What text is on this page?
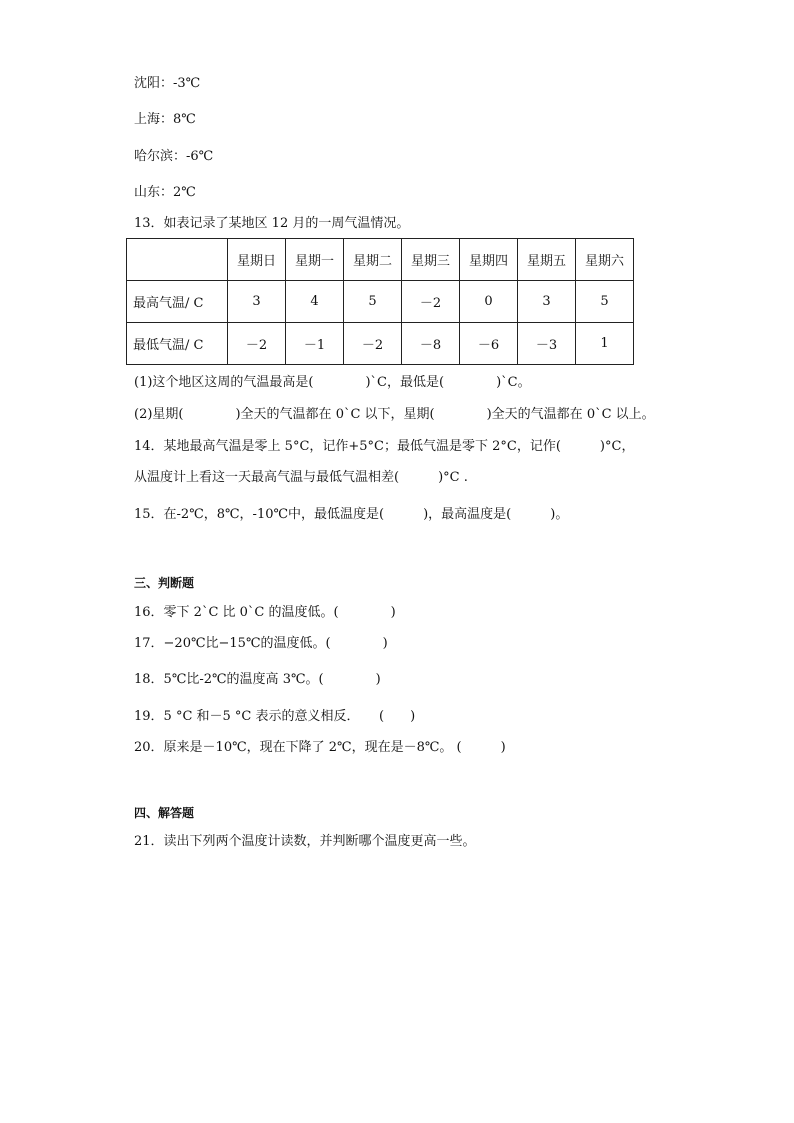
沈阳：-3℃
上海：8℃
哈尔滨：-6℃
山东：2℃
13．如表记录了某地区 12 月的一周气温情况。
	星期日	星期一	星期二	星期三	星期四	星期五	星期六
最高气温/ C	3	4	5	－2	0	3	5
最低气温/ C	－2	－1	－2	－8	－6	－3	1
(1)这个地区这周的气温最高是(　　　　)`C，最低是(　　　　)`C。
(2)星期(　　　　)全天的气温都在 0`C 以下，星期(　　　　)全天的气温都在 0`C 以上。
14．某地最高气温是零上 5°C，记作+5°C；最低气温是零下 2°C，记作(　　　)°C，
从温度计上看这一天最高气温与最低气温相差(　　　)°C .
15．在-2℃，8℃，-10℃中，最低温度是(　　　)，最高温度是(　　　)。
三、判断题
16．零下 2`C 比 0`C 的温度低。(　　　　)
17．−20℃比−15℃的温度低。(　　　　)
18．5℃比-2℃的温度高 3℃。(　　　　)
19．5 °C 和－5 °C 表示的意义相反．　　(　　)
20．原来是－10℃，现在下降了 2℃，现在是－8℃。 (　　　)
四、解答题
21．读出下列两个温度计读数，并判断哪个温度更高一些。
